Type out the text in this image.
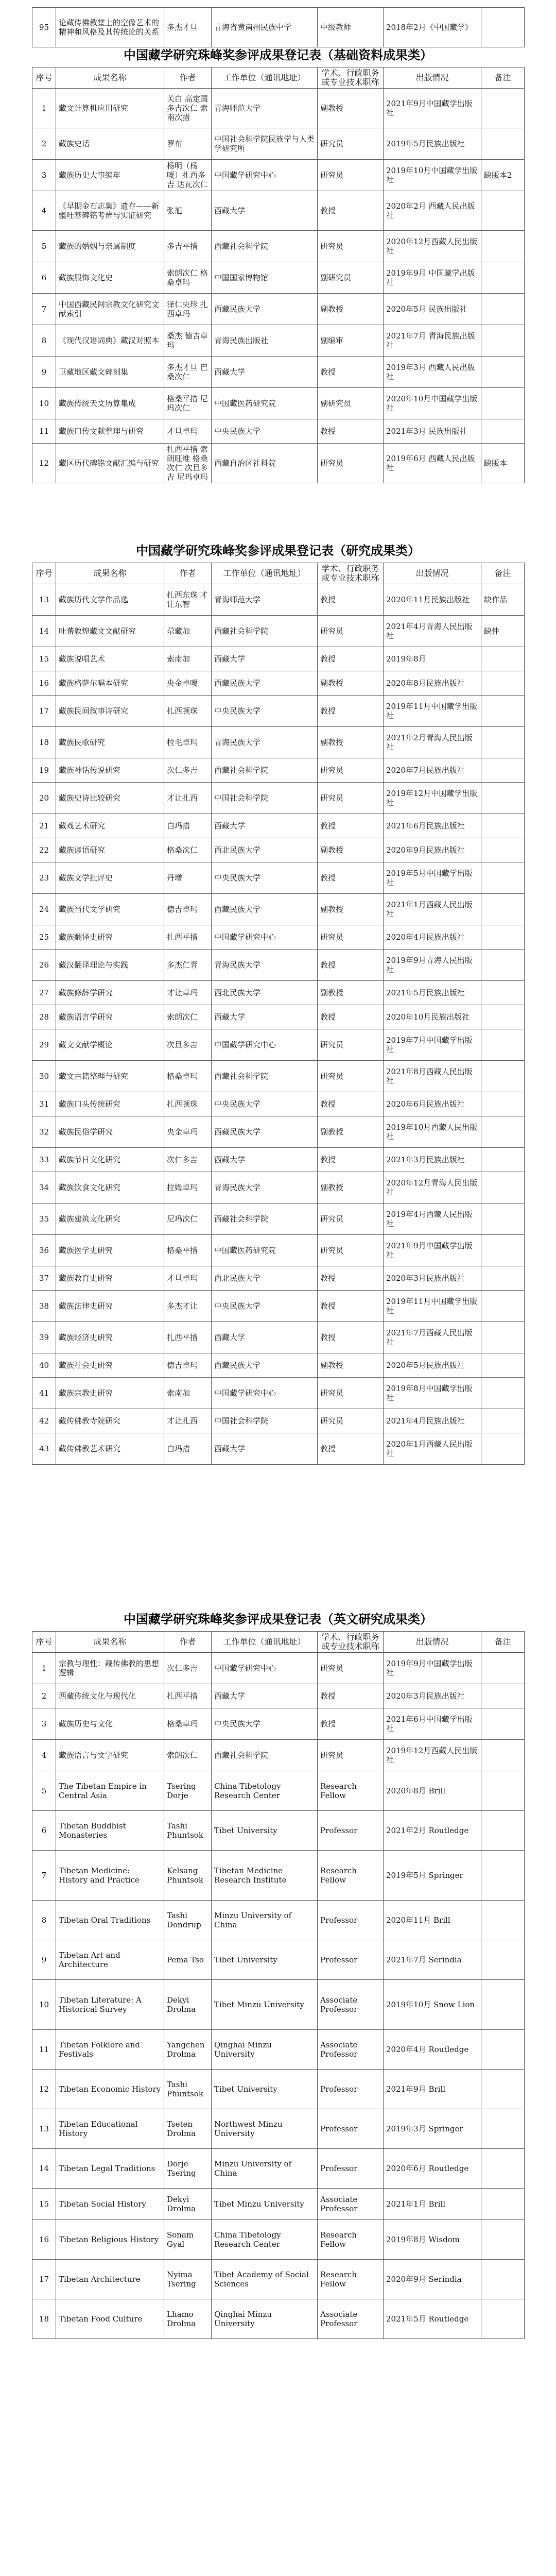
95	论藏传佛教堂上的空像艺术的精神和风格及其传统论的关系	多杰才旦	青海省黄南州民族中学	中级教师	2018年2月《中国藏学》	
中国藏学研究珠峰奖参评成果登记表（基础资料成果类）
序号	成果名称	作者	工作单位（通讯地址）	学术、行政职务或专业技术职称	出版情况	备注
1	藏文计算机应用研究	关白 高定国 多吉次仁 索南次措	青海师范大学	副教授	2021年9月中国藏学出版社	
2	藏族史话	罗布	中国社会科学院民族学与人类学研究所	研究员	2019年5月民族出版社	
3	藏族历史大事编年	杨明（杨嘎）扎西多吉 达瓦次仁	中国藏学研究中心	研究员	2019年10月中国藏学出版社	缺版本2
4	《早期金石志集》遗存——新疆吐蕃碑铭考辨与实证研究	张旭	西藏大学	教授	2020年2月 西藏人民出版社	
5	藏族的婚姻与亲属制度	多吉平措	西藏社会科学院	研究员	2020年12月西藏人民出版社	
6	藏族服饰文化史	索朗次仁 格桑卓玛	中国国家博物馆	副研究员	2019年9月 中国藏学出版社	
7	中国西藏民间宗教文化研究文献索引	泽仁央珍 扎西卓玛	西藏民族大学	副教授	2020年5月 民族出版社	
8	《现代汉语词典》藏汉对照本	桑杰 德吉卓玛	青海民族出版社	副编审	2021年7月 青海民族出版社	
9	卫藏地区藏文碑刻集	多杰才旦 巴桑次仁	西藏大学	教授	2019年3月 西藏人民出版社	
10	藏族传统天文历算集成	格桑平措 尼玛次仁	中国藏医药研究院	副研究员	2020年10月中国藏学出版社	
11	藏族口传文献整理与研究	才旦卓玛	中央民族大学	教授	2021年3月 民族出版社	
12	藏区历代碑铭文献汇编与研究	扎西平措 索朗旺堆 格桑次仁 次旦多吉 尼玛卓玛	西藏自治区社科院	研究员	2019年6月 西藏人民出版社	缺版本
中国藏学研究珠峰奖参评成果登记表（研究成果类）
序号	成果名称	作者	工作单位（通讯地址）	学术、行政职务或专业技术职称	出版情况	备注
13	藏族历代文学作品选	扎西东珠 才让东智	青海师范大学	教授	2020年11月民族出版社	缺作品
14	吐蕃敦煌藏文文献研究	尕藏加	西藏社会科学院	研究员	2021年4月青海人民出版社	缺件
15	藏族说唱艺术	索南加	西藏大学	教授	2019年8月	
16	藏族格萨尔唱本研究	央金卓嘎	西藏民族大学	副教授	2020年8月民族出版社	
17	藏族民间叙事诗研究	扎西顿珠	中央民族大学	教授	2019年11月中国藏学出版社	
18	藏族民歌研究	拉毛卓玛	青海民族大学	副教授	2021年2月青海人民出版社	
19	藏族神话传说研究	次仁多吉	西藏社会科学院	研究员	2020年7月民族出版社	
20	藏族史诗比较研究	才让扎西	中国社会科学院	研究员	2019年12月中国藏学出版社	
21	藏戏艺术研究	白玛措	西藏大学	教授	2021年6月民族出版社	
22	藏族谚语研究	格桑次仁	西北民族大学	副教授	2020年9月民族出版社	
23	藏族文学批评史	丹增	中央民族大学	教授	2019年5月中国藏学出版社	
24	藏族当代文学研究	德吉卓玛	西藏民族大学	副教授	2021年1月西藏人民出版社	
25	藏族翻译史研究	扎西平措	中国藏学研究中心	研究员	2020年4月民族出版社	
26	藏汉翻译理论与实践	多杰仁青	青海民族大学	教授	2019年9月青海人民出版社	
27	藏族修辞学研究	才让卓玛	西北民族大学	副教授	2021年5月民族出版社	
28	藏族语言学研究	索朗次仁	西藏大学	教授	2020年10月民族出版社	
29	藏文文献学概论	次旦多吉	中国藏学研究中心	研究员	2019年7月中国藏学出版社	
30	藏文古籍整理与研究	格桑卓玛	西藏社会科学院	研究员	2021年8月西藏人民出版社	
31	藏族口头传统研究	扎西顿珠	中央民族大学	教授	2020年6月民族出版社	
32	藏族民俗学研究	央金卓玛	西藏民族大学	副教授	2019年10月西藏人民出版社	
33	藏族节日文化研究	次仁多吉	西藏大学	教授	2021年3月民族出版社	
34	藏族饮食文化研究	拉姆卓玛	青海民族大学	副教授	2020年12月青海人民出版社	
35	藏族建筑文化研究	尼玛次仁	西藏社会科学院	研究员	2019年4月西藏人民出版社	
36	藏族医学史研究	格桑平措	中国藏医药研究院	研究员	2021年9月中国藏学出版社	
37	藏族教育史研究	才旦卓玛	西北民族大学	教授	2020年3月民族出版社	
38	藏族法律史研究	多杰才让	中央民族大学	教授	2019年11月中国藏学出版社	
39	藏族经济史研究	扎西平措	西藏大学	教授	2021年7月西藏人民出版社	
40	藏族社会史研究	德吉卓玛	西藏民族大学	副教授	2020年5月民族出版社	
41	藏族宗教史研究	索南加	中国藏学研究中心	研究员	2019年8月中国藏学出版社	
42	藏传佛教寺院研究	才让扎西	中国社会科学院	研究员	2021年4月民族出版社	
43	藏传佛教艺术研究	白玛措	西藏大学	教授	2020年1月西藏人民出版社	
中国藏学研究珠峰奖参评成果登记表（英文研究成果类）
序号	成果名称	作者	工作单位（通讯地址）	学术、行政职务或专业技术职称	出版情况	备注
1	宗教与理性：藏传佛教的思想逻辑	次仁多吉	中国藏学研究中心	研究员	2019年9月中国藏学出版社	
2	西藏传统文化与现代化	扎西平措	西藏大学	教授	2020年3月民族出版社	
3	藏族历史与文化	格桑卓玛	中央民族大学	教授	2021年6月中国藏学出版社	
4	藏族语言与文字研究	索朗次仁	西藏社会科学院	研究员	2019年12月西藏人民出版社	
5	The Tibetan Empire in Central Asia	Tsering Dorje	China Tibetology Research Center	Research Fellow	2020年8月 Brill	
6	Tibetan Buddhist Monasteries	Tashi Phuntsok	Tibet University	Professor	2021年2月 Routledge	
7	Tibetan Medicine: History and Practice	Kelsang Phuntsok	Tibetan Medicine Research Institute	Research Fellow	2019年5月 Springer	
8	Tibetan Oral Traditions	Tashi Dondrup	Minzu University of China	Professor	2020年11月 Brill	
9	Tibetan Art and Architecture	Pema Tso	Tibet University	Professor	2021年7月 Serindia	
10	Tibetan Literature: A Historical Survey	Dekyi Drolma	Tibet Minzu University	Associate Professor	2019年10月 Snow Lion	
11	Tibetan Folklore and Festivals	Yangchen Drolma	Qinghai Minzu University	Associate Professor	2020年4月 Routledge	
12	Tibetan Economic History	Tashi Phuntsok	Tibet University	Professor	2021年9月 Brill	
13	Tibetan Educational History	Tseten Drolma	Northwest Minzu University	Professor	2019年3月 Springer	
14	Tibetan Legal Traditions	Dorje Tsering	Minzu University of China	Professor	2020年6月 Routledge	
15	Tibetan Social History	Dekyi Drolma	Tibet Minzu University	Associate Professor	2021年1月 Brill	
16	Tibetan Religious History	Sonam Gyal	China Tibetology Research Center	Research Fellow	2019年8月 Wisdom	
17	Tibetan Architecture	Nyima Tsering	Tibet Academy of Social Sciences	Research Fellow	2020年9月 Serindia	
18	Tibetan Food Culture	Lhamo Drolma	Qinghai Minzu University	Associate Professor	2021年5月 Routledge	
